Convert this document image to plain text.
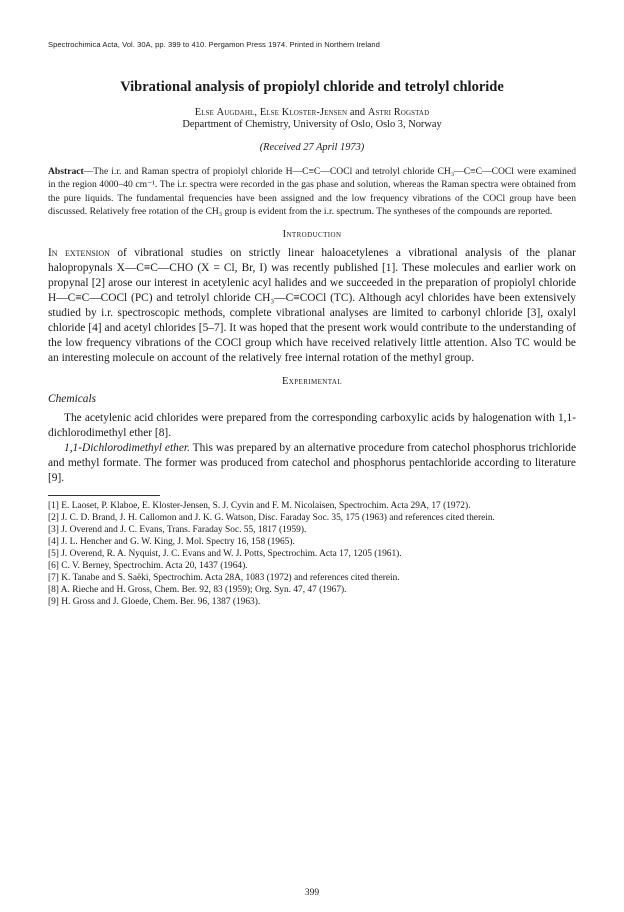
Spectrochimica Acta, Vol. 30A, pp. 399 to 410. Pergamon Press 1974. Printed in Northern Ireland
Vibrational analysis of propiolyl chloride and tetrolyl chloride
Else Augdahl, Else Kloster-Jensen and Astri Rogstad
Department of Chemistry, University of Oslo, Oslo 3, Norway
(Received 27 April 1973)

Abstract—The i.r. and Raman spectra of propiolyl chloride H—C≡C—COCl and tetrolyl chloride CH₃—C≡C—COCl were examined in the region 4000–40 cm⁻¹. The i.r. spectra were recorded in the gas phase and solution, whereas the Raman spectra were obtained from the pure liquids. The fundamental frequencies have been assigned and the low frequency vibrations of the COCl group have been discussed. Relatively free rotation of the CH₃ group is evident from the i.r. spectrum. The syntheses of the compounds are reported.

Introduction

In extension of vibrational studies on strictly linear haloacetylenes a vibrational analysis of the planar halopropynals X—C≡C—CHO (X = Cl, Br, I) was recently published [1]. These molecules and earlier work on propynal [2] arose our interest in acetylenic acyl halides and we succeeded in the preparation of propiolyl chloride H—C≡C—COCl (PC) and tetrolyl chloride CH₃—C≡COCl (TC). Although acyl chlorides have been extensively studied by i.r. spectroscopic methods, complete vibrational analyses are limited to carbonyl chloride [3], oxalyl chloride [4] and acetyl chlorides [5–7]. It was hoped that the present work would contribute to the understanding of the low frequency vibrations of the COCl group which have received relatively little attention. Also TC would be an interesting molecule on account of the relatively free internal rotation of the methyl group.

Experimental
Chemicals

The acetylenic acid chlorides were prepared from the corresponding carboxylic acids by halogenation with 1,1-dichlorodimethyl ether [8].

1,1-Dichlorodimethyl ether. This was prepared by an alternative procedure from catechol phosphorus trichloride and methyl formate. The former was produced from catechol and phosphorus pentachloride according to literature [9].

[1] E. Laoset, P. Klaboe, E. Kloster-Jensen, S. J. Cyvin and F. M. Nicolaisen, Spectrochim. Acta 29A, 17 (1972).
[2] J. C. D. Brand, J. H. Callomon and J. K. G. Watson, Disc. Faraday Soc. 35, 175 (1963) and references cited therein.
[3] J. Overend and J. C. Evans, Trans. Faraday Soc. 55, 1817 (1959).
[4] J. L. Hencher and G. W. King, J. Mol. Spectry 16, 158 (1965).
[5] J. Overend, R. A. Nyquist, J. C. Evans and W. J. Potts, Spectrochim. Acta 17, 1205 (1961).
[6] C. V. Berney, Spectrochim. Acta 20, 1437 (1964).
[7] K. Tanabe and S. Saëki, Spectrochim. Acta 28A, 1083 (1972) and references cited therein.
[8] A. Rieche and H. Gross, Chem. Ber. 92, 83 (1959); Org. Syn. 47, 47 (1967).
[9] H. Gross and J. Gloede, Chem. Ber. 96, 1387 (1963).
399
